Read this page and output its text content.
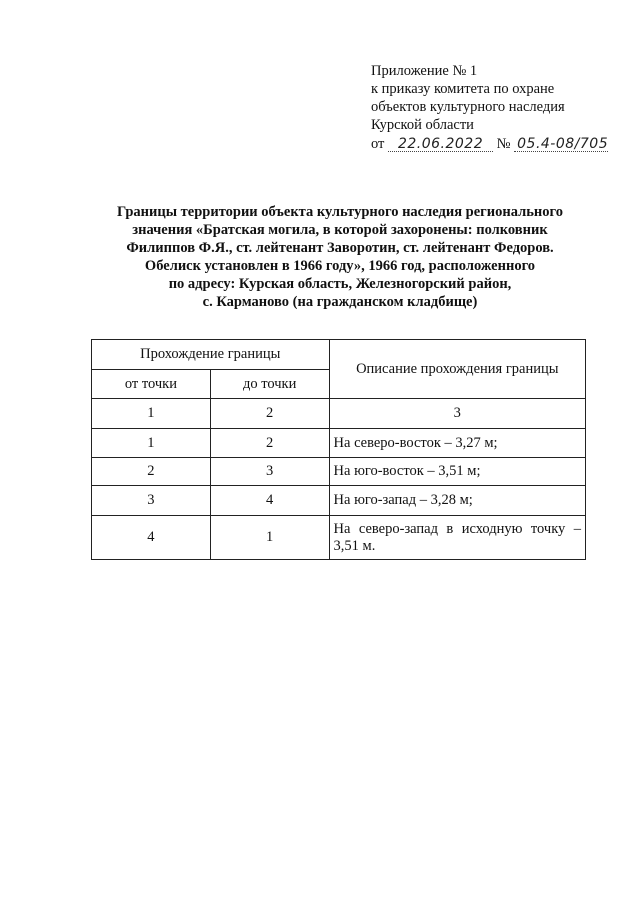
Приложение № 1
к приказу комитета по охране
объектов культурного наследия
Курской области
от 22.06.2022 № 05.4-08/705
Границы территории объекта культурного наследия регионального
значения «Братская могила, в которой захоронены: полковник
Филиппов Ф.Я., ст. лейтенант Заворотин, ст. лейтенант Федоров.
Обелиск установлен в 1966 году», 1966 год, расположенного
по адресу: Курская область, Железногорский район,
с. Карманово (на гражданском кладбище)
Прохождение границы		Описание прохождения границы
от точки	до точки	
1	2	3
1	2	На северо-восток – 3,27 м;
2	3	На юго-восток – 3,51 м;
3	4	На юго-запад – 3,28 м;
4	1	На северо-запад в исходную точку – 3,51 м.
